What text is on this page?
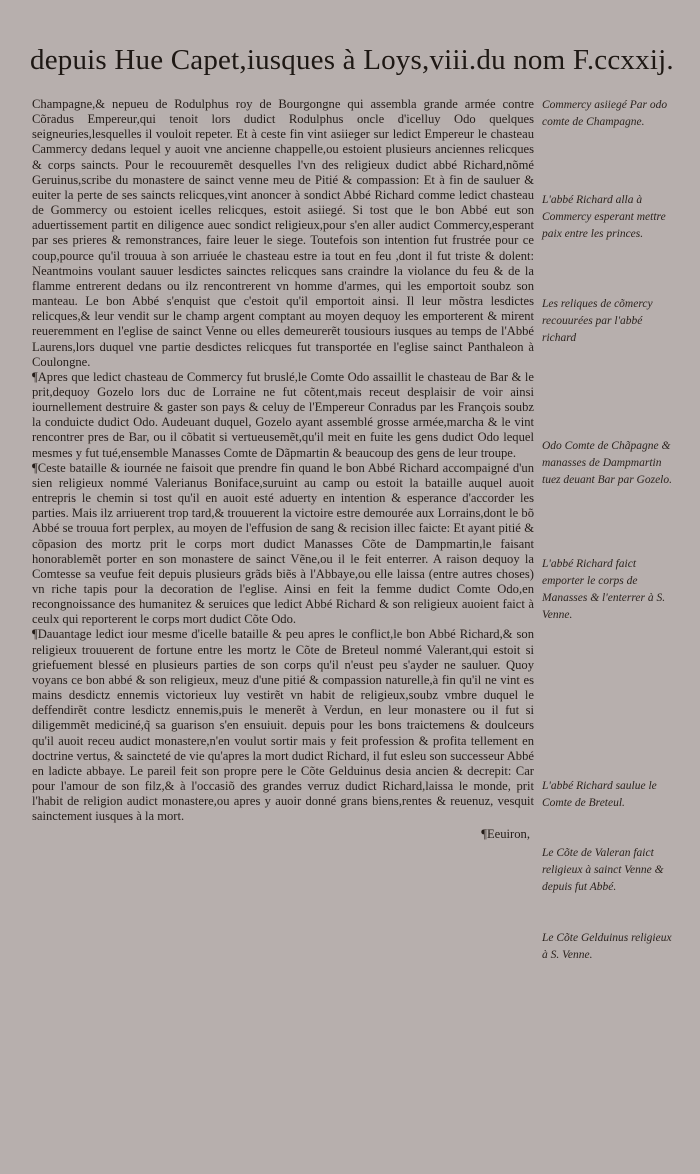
depuis Hue Capet,iusques à Loys,viii.du nom F.ccxxij.

Champagne,& nepueu de Rodulphus roy de Bourgongne qui assembla grande armée contre Cõradus Empereur,qui tenoit lors dudict Rodulphus oncle d'icelluy Odo quelques seigneuries,lesquelles il vouloit repeter. Et à ceste fin vint asiieger sur ledict Empereur le chasteau Cammercy dedans lequel y auoit vne ancienne chappelle,ou estoient plusieurs anciennes relicques & corps saincts. Pour le recouuremẽt desquelles l'vn des religieux dudict abbé Richard,nõmé Geruinus,scribe du monastere de sainct venne meu de Pitié & compassion: Et à fin de sauluer & euiter la perte de ses saincts relicques,vint anoncer à sondict Abbé Richard comme ledict chasteau de Gommercy ou estoient icelles relicques, estoit asiiegé. Si tost que le bon Abbé eut son aduertissement partit en diligence auec sondict religieux,pour s'en aller audict Commercy,esperant par ses prieres & remonstrances, faire leuer le siege. Toutefois son intention fut frustrée pour ce coup,pource qu'il trouua à son arriuée le chasteau estre ia tout en feu ,dont il fut triste & dolent: Neantmoins voulant sauuer lesdictes sainctes relicques sans craindre la violance du feu & de la flamme entrerent dedans ou ilz rencontrerent vn homme d'armes, qui les emportoit soubz son manteau. Le bon Abbé s'enquist que c'estoit qu'il emportoit ainsi. Il leur mõstra lesdictes relicques,& leur vendit sur le champ argent comptant au moyen dequoy les emporterent & mirent reueremment en l'eglise de sainct Venne ou elles demeurerẽt tousiours iusques au temps de l'Abbé Laurens,lors duquel vne partie desdictes relicques fut transportée en l'eglise sainct Panthaleon à Coulongne.

¶Apres que ledict chasteau de Commercy fut bruslé,le Comte Odo assaillit le chasteau de Bar & le prit,dequoy Gozelo lors duc de Lorraine ne fut cõtent,mais receut desplaisir de voir ainsi iournellement destruire & gaster son pays & celuy de l'Empereur Conradus par les François soubz la conduicte dudict Odo. Audeuant duquel, Gozelo ayant assemblé grosse armée,marcha & le vint rencontrer pres de Bar, ou il cõbatit si vertueusemẽt,qu'il meit en fuite les gens dudict Odo lequel mesmes y fut tué,ensemble Manasses Comte de Dãpmartin & beaucoup des gens de leur troupe.

¶Ceste bataille & iournée ne faisoit que prendre fin quand le bon Abbé Richard accompaigné d'un sien religieux nommé Valerianus Boniface,suruint au camp ou estoit la bataille auquel auoit entrepris le chemin si tost qu'il en auoit esté aduerty en intention & esperance d'accorder les parties. Mais ilz arriuerent trop tard,& trouuerent la victoire estre demourée aux Lorrains,dont le bõ Abbé se trouua fort perplex, au moyen de l'effusion de sang & recision illec faicte: Et ayant pitié & cõpasion des mortz prit le corps mort dudict Manasses Cõte de Dampmartin,le faisant honorablemẽt porter en son monastere de sainct Vẽne,ou il le feit enterrer. A raison dequoy la Comtesse sa veufue feit depuis plusieurs grãds biẽs à l'Abbaye,ou elle laissa (entre autres choses) vn riche tapis pour la decoration de l'eglise. Ainsi en feit la femme dudict Comte Odo,en recongnoissance des humanitez & seruices que ledict Abbé Richard & son religieux auoient faict à ceulx qui reporterent le corps mort dudict Cõte Odo.

¶Dauantage ledict iour mesme d'icelle bataille & peu apres le conflict,le bon Abbé Richard,& son religieux trouuerent de fortune entre les mortz le Cõte de Breteul nommé Valerant,qui estoit si griefuement blessé en plusieurs parties de son corps qu'il n'eust peu s'ayder ne sauluer. Quoy voyans ce bon abbé & son religieux, meuz d'une pitié & compassion naturelle,à fin qu'il ne vint es mains desdictz ennemis victorieux luy vestirẽt vn habit de religieux,soubz vmbre duquel le deffendirẽt contre lesdictz ennemis,puis le menerẽt à Verdun, en leur monastere ou il fut si diligemmẽt mediciné,q̃ sa guarison s'en ensuiuit. depuis pour les bons traictemens & doulceurs qu'il auoit receu audict monastere,n'en voulut sortir mais y feit profession & profita tellement en doctrine vertus, & saincteté de vie qu'apres la mort dudict Richard, il fut esleu son successeur Abbé en ladicte abbaye. Le pareil feit son propre pere le Cõte Gelduinus desia ancien & decrepit: Car pour l'amour de son filz,& à l'occasiõ des grandes verruz dudict Richard,laissa le monde, prit l'habit de religion audict monastere,ou apres y auoir donné grans biens,rentes & reuenuz, vesquit sainctement iusques à la mort.

¶Eeuiron,

Commercy asiiegé Par odo comte de Champagne.
L'abbé Richard alla à Commercy esperant mettre paix entre les princes.
Les reliques de cõmercy recouurées par l'abbé richard
Odo Comte de Chãpagne & manasses de Dampmartin tuez deuant Bar par Gozelo.
L'abbé Richard faict emporter le corps de Manasses & l'enterrer à S. Venne.
L'abbé Richard saulue le Comte de Breteul.
Le Cõte de Valeran faict religieux à sainct Venne & depuis fut Abbé.
Le Cõte Gelduinus religieux à S. Venne.
